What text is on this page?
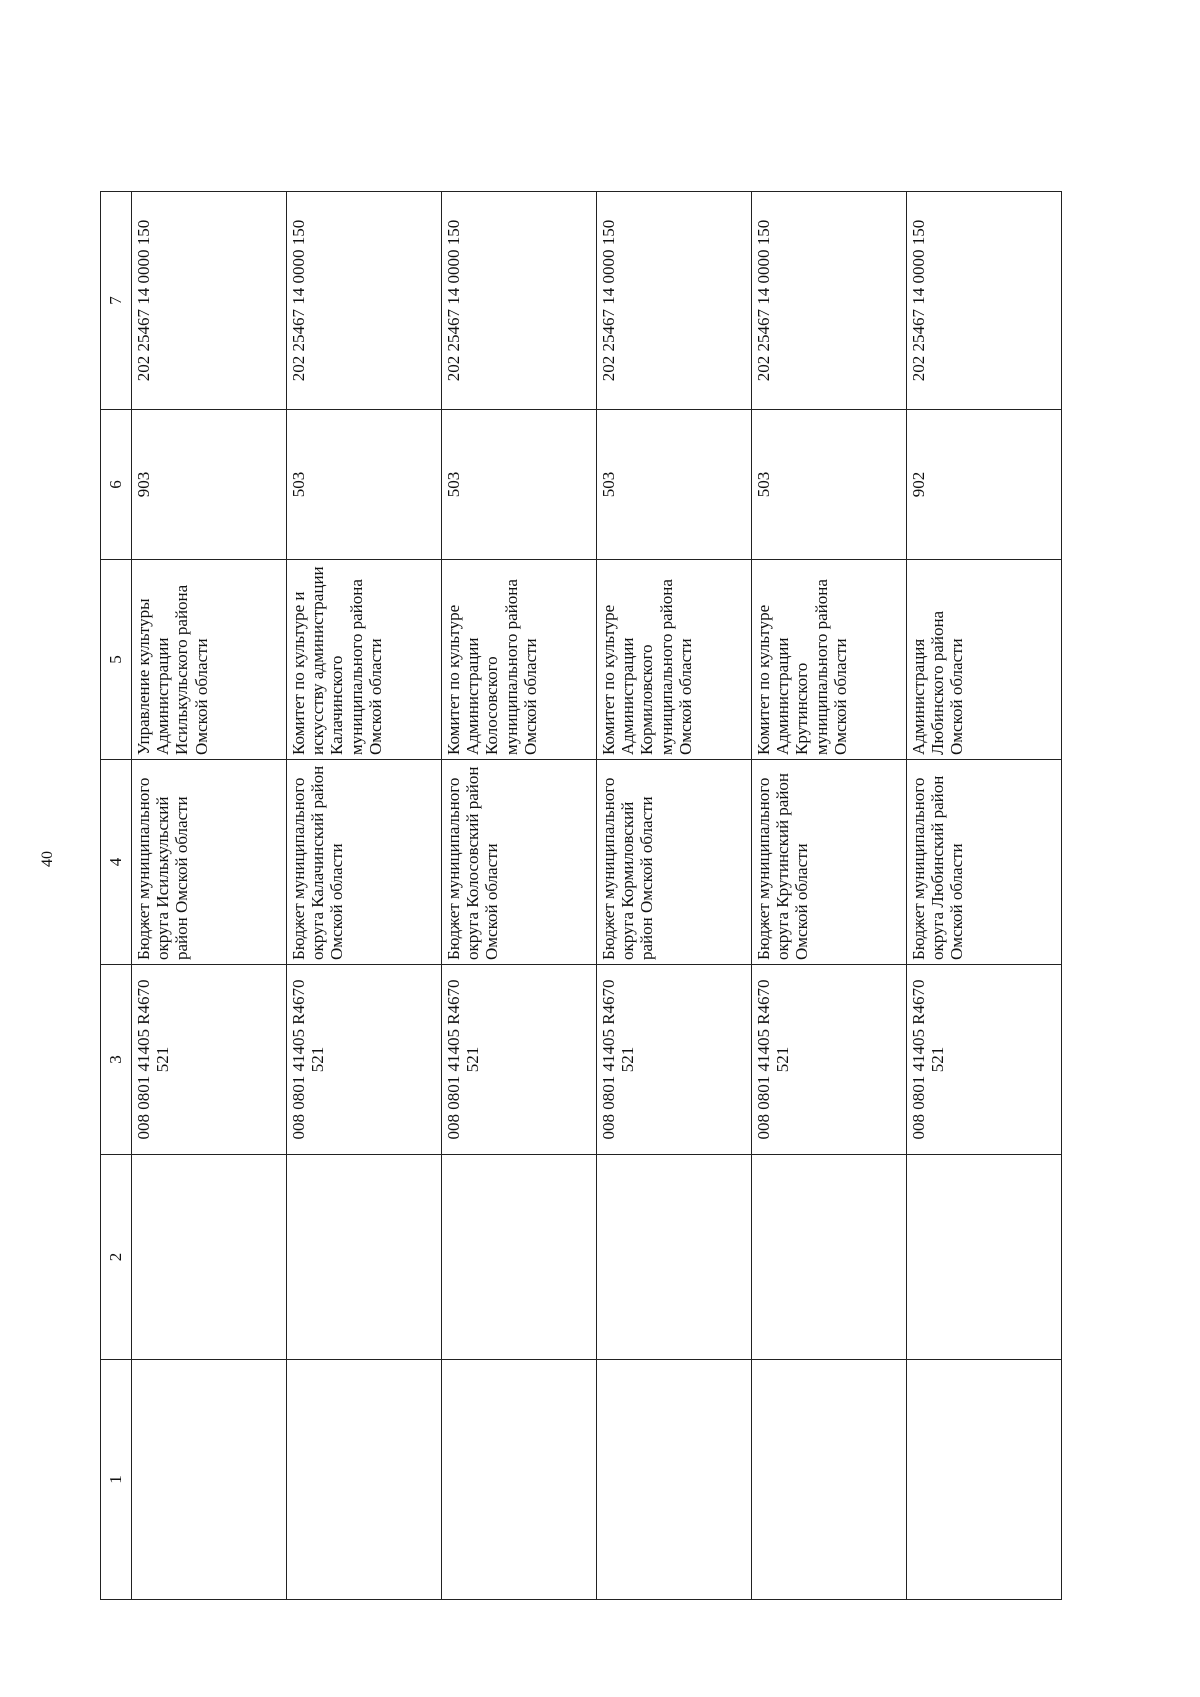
40
1	2	3	4	5	6	7
		008 0801 41405 R4670 521	Бюджет муниципального округа Исилькульский район Омской области	Управление культуры Администрации Исилькульского района Омской области	903	202 25467 14 0000 150
		008 0801 41405 R4670 521	Бюджет муниципального округа Калачинский район Омской области	Комитет по культуре и искусству администрации Калачинского муниципального района Омской области	503	202 25467 14 0000 150
		008 0801 41405 R4670 521	Бюджет муниципального округа Колосовский район Омской области	Комитет по культуре Администрации Колосовского муниципального района Омской области	503	202 25467 14 0000 150
		008 0801 41405 R4670 521	Бюджет муниципального округа Кормиловский район Омской области	Комитет по культуре Администрации Кормиловского муниципального района Омской области	503	202 25467 14 0000 150
		008 0801 41405 R4670 521	Бюджет муниципального округа Крутинский район Омской области	Комитет по культуре Администрации Крутинского муниципального района Омской области	503	202 25467 14 0000 150
		008 0801 41405 R4670 521	Бюджет муниципального округа Любинский район Омской области	Администрация Любинского района Омской области	902	202 25467 14 0000 150
